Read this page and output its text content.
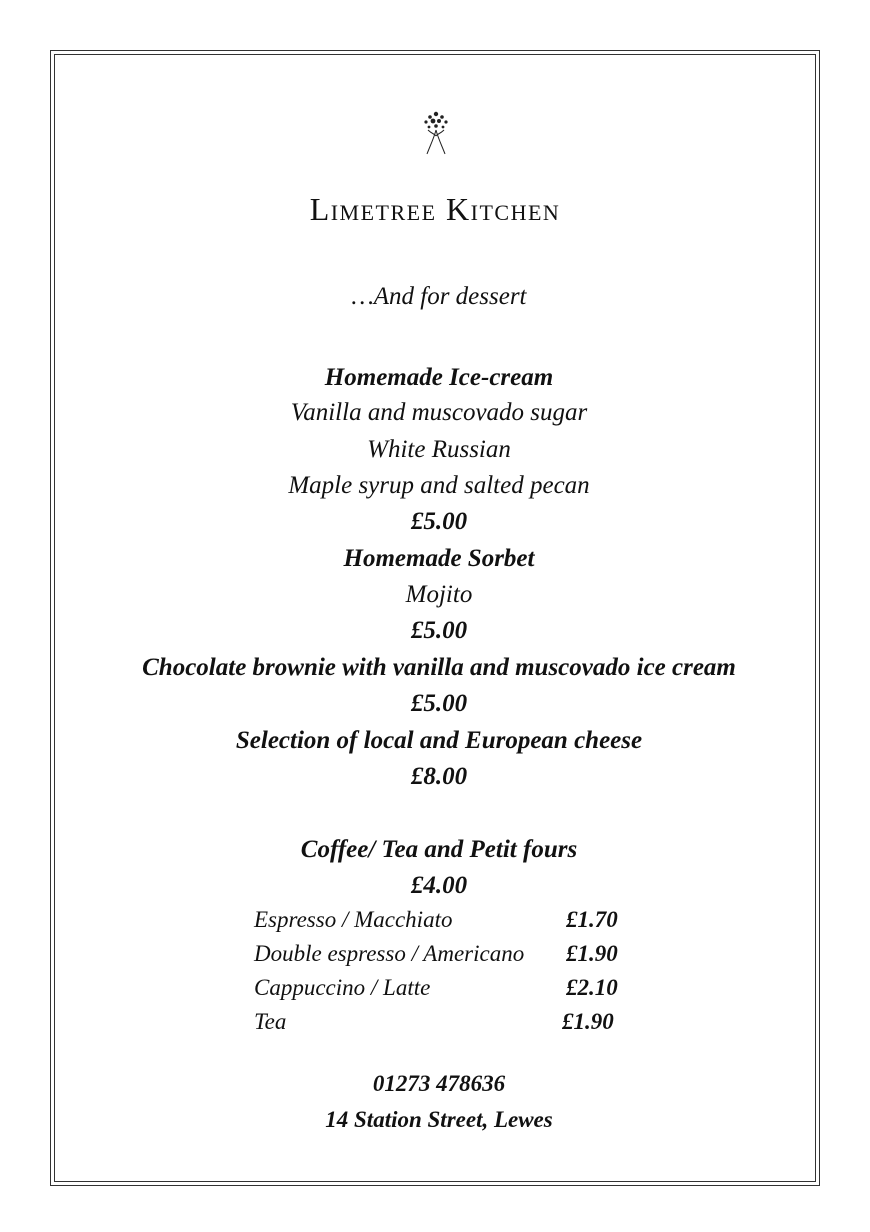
Limetree Kitchen
…And for dessert
Homemade Ice-cream
Vanilla and muscovado sugar
White Russian
Maple syrup and salted pecan
£5.00
Homemade Sorbet
Mojito
£5.00
Chocolate brownie with vanilla and muscovado ice cream
£5.00
Selection of local and European cheese
£8.00
Coffee/ Tea and Petit fours
£4.00
Espresso / Macchiato	£1.70
Double espresso / Americano £1.90
Cappuccino / Latte	£2.10
Tea	£1.90
01273 478636
14 Station Street, Lewes
